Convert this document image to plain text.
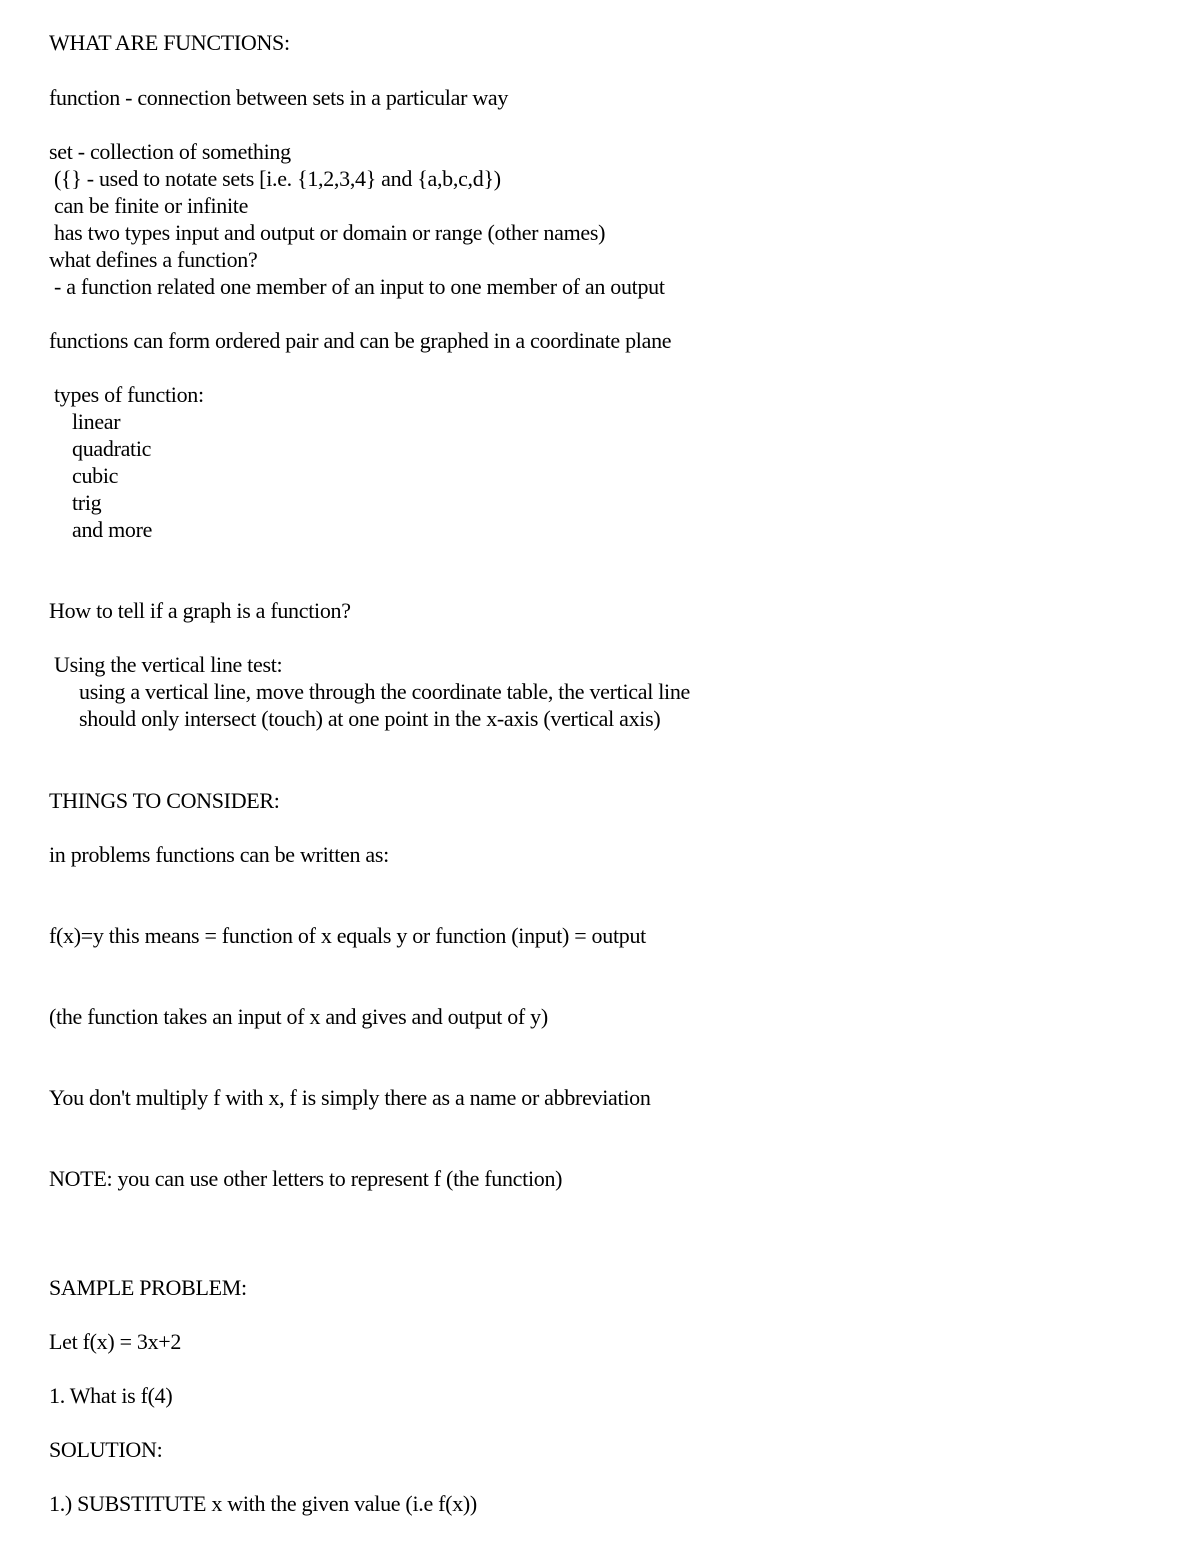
WHAT ARE FUNCTIONS:
function - connection between sets in a particular way
set - collection of something
({} - used to notate sets [i.e. {1,2,3,4} and {a,b,c,d})
can be finite or infinite
has two types input and output or domain or range (other names)
what defines a function?
- a function related one member of an input to one member of an output
functions can form ordered pair and can be graphed in a coordinate plane
types of function:
linear
quadratic
cubic
trig
and more
How to tell if a graph is a function?
Using the vertical line test:
using a vertical line, move through the coordinate table, the vertical line
should only intersect (touch) at one point in the x-axis (vertical axis)
THINGS TO CONSIDER:
in problems functions can be written as:
f(x)=y this means = function of x equals y or function (input) = output
(the function takes an input of x and gives and output of y)
You don't multiply f with x, f is simply there as a name or abbreviation
NOTE: you can use other letters to represent f (the function)
SAMPLE PROBLEM:
Let f(x) = 3x+2
1. What is f(4)
SOLUTION:
1.) SUBSTITUTE x with the given value (i.e f(x))
